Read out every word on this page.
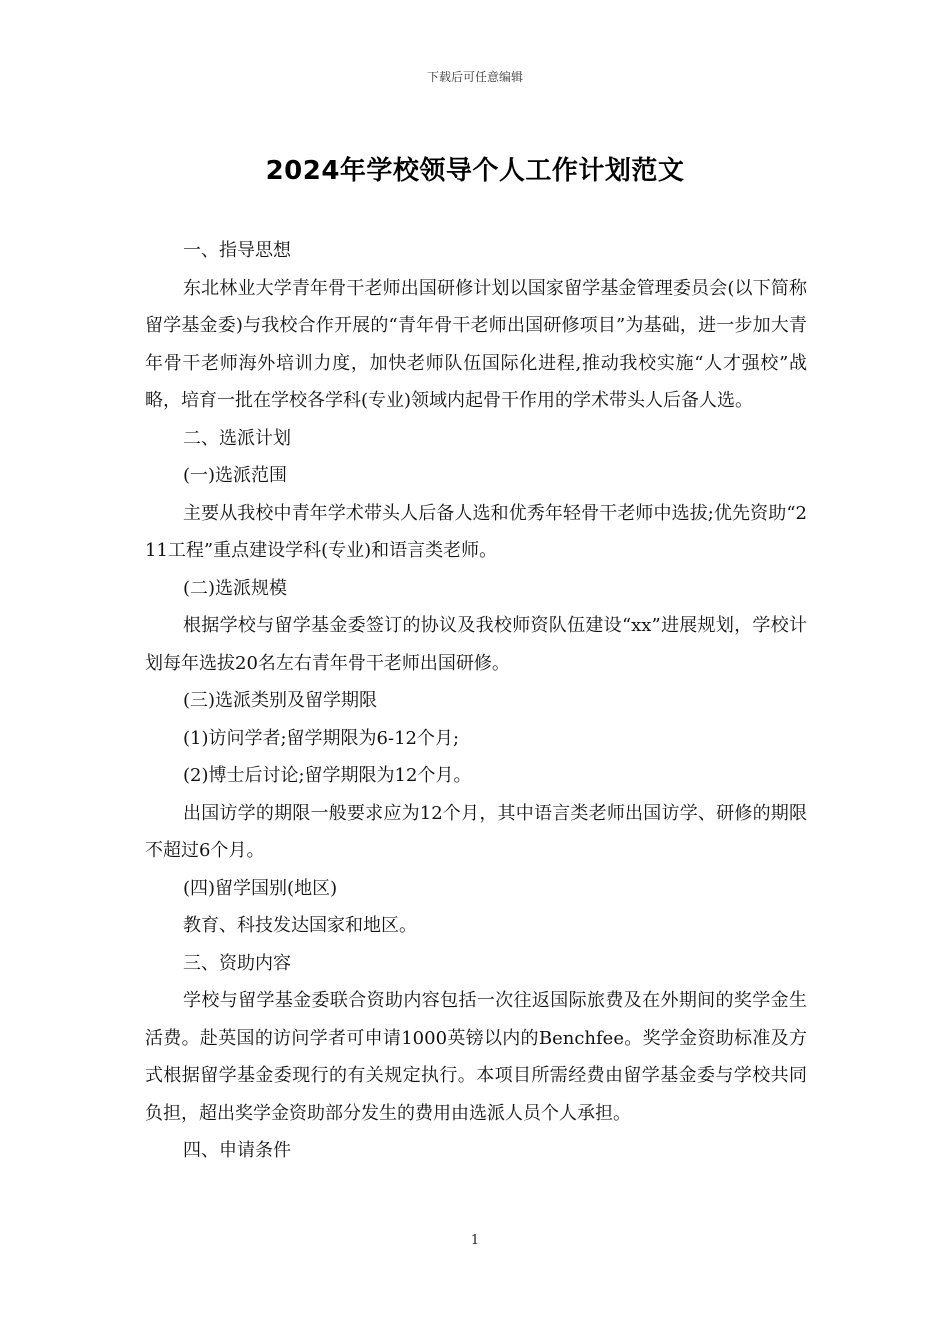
下载后可任意编辑
2024年学校领导个人工作计划范文

一、指导思想

东北林业大学青年骨干老师出国研修计划以国家留学基金管理委员会(以下简称留学基金委)与我校合作开展的“青年骨干老师出国研修项目”为基础，进一步加大青年骨干老师海外培训力度，加快老师队伍国际化进程,推动我校实施“人才强校”战略，培育一批在学校各学科(专业)领域内起骨干作用的学术带头人后备人选。

二、选派计划

(一)选派范围

主要从我校中青年学术带头人后备人选和优秀年轻骨干老师中选拔;优先资助“211工程”重点建设学科(专业)和语言类老师。

(二)选派规模

根据学校与留学基金委签订的协议及我校师资队伍建设“xx”进展规划，学校计划每年选拔20名左右青年骨干老师出国研修。

(三)选派类别及留学期限

(1)访问学者;留学期限为6-12个月;

(2)博士后讨论;留学期限为12个月。

出国访学的期限一般要求应为12个月，其中语言类老师出国访学、研修的期限不超过6个月。

(四)留学国别(地区)

教育、科技发达国家和地区。

三、资助内容

学校与留学基金委联合资助内容包括一次往返国际旅费及在外期间的奖学金生活费。赴英国的访问学者可申请1000英镑以内的Benchfee。奖学金资助标准及方式根据留学基金委现行的有关规定执行。本项目所需经费由留学基金委与学校共同负担，超出奖学金资助部分发生的费用由选派人员个人承担。

四、申请条件

1
